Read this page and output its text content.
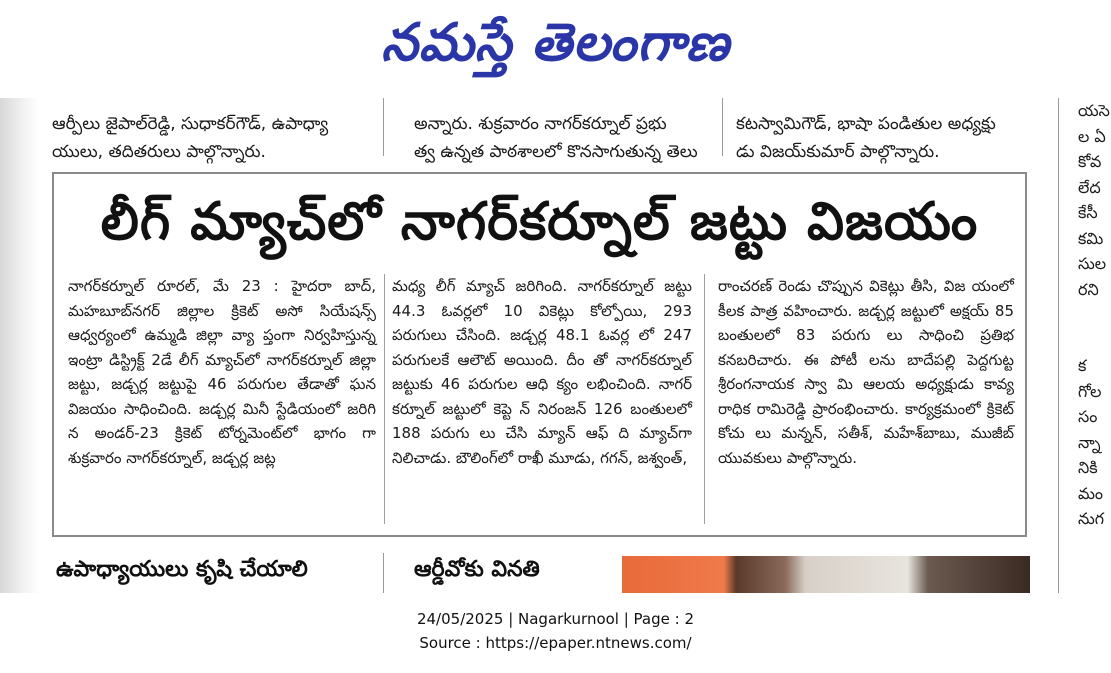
నమస్తే తెలంగాణ

ఆర్పీలు జైపాల్‌రెడ్డి, సుధాకర్‌గౌడ్, ఉపాధ్యా
యులు, తదితరులు పాల్గొన్నారు.

అన్నారు. శుక్రవారం నాగర్‌కర్నూల్ ప్రభు
త్వ ఉన్నత పాఠశాలలో కొనసాగుతున్న తెలు

కటస్వామిగౌడ్, భాషా పండితుల అధ్యక్షు
డు విజయ్‌కుమార్ పాల్గొన్నారు.
లీగ్ మ్యాచ్‌లో నాగర్‌కర్నూల్ జట్టు విజయం
నాగర్‌కర్నూల్ రూరల్, మే 23 : హైదరా బాద్, మహబూబ్‌నగర్ జిల్లాల క్రికెట్ అసో సియేషన్స్ ఆధ్వర్యంలో ఉమ్మడి జిల్లా వ్యా ప్తంగా నిర్వహిస్తున్న ఇంట్రా డిస్ట్రిక్ట్ 2డే లీగ్ మ్యాచ్‌లో నాగర్‌కర్నూల్ జిల్లా జట్టు, జడ్చర్ల జట్టుపై 46 పరుగుల తేడాతో ఘన విజయం సాధించింది. జడ్చర్ల మినీ స్టేడియంలో జరిగి న అండర్-23 క్రికెట్ టోర్నమెంట్‌లో భాగం గా శుక్రవారం నాగర్‌కర్నూల్, జడ్చర్ల జట్ల
మధ్య లీగ్ మ్యాచ్ జరిగింది. నాగర్‌కర్నూల్ జట్టు 44.3 ఓవర్లలో 10 వికెట్లు కోల్పోయి, 293 పరుగులు చేసింది. జడ్చర్ల 48.1 ఓవర్ల లో 247 పరుగులకే ఆలౌట్ అయింది. దీం తో నాగర్‌కర్నూల్ జట్టుకు 46 పరుగుల ఆధి క్యం లభించింది. నాగర్ కర్నూల్ జట్టులో కెప్టె న్ నిరంజన్ 126 బంతులలో 188 పరుగు లు చేసి మ్యాన్ ఆఫ్ ది మ్యాచ్‌గా నిలిచాడు. బౌలింగ్‌లో రాఖీ మూడు, గగన్, జశ్వంత్,
రాంచరణ్ రెండు చొప్పున వికెట్లు తీసి, విజ యంలో కీలక పాత్ర వహించారు. జడ్చర్ల జట్టులో అక్షయ్ 85 బంతులలో 83 పరుగు లు సాధించి ప్రతిభ కనబరిచారు. ఈ పోటీ లను బాదేపల్లి పెద్దగుట్ట శ్రీరంగనాయక స్వా మి ఆలయ అధ్యక్షుడు కావ్య రాధిక రామిరెడ్డి ప్రారంభించారు. కార్యక్రమంలో క్రికెట్ కోచు లు మన్నన్, సతీశ్, మహేశ్‌బాబు, ముజీబ్ యువకులు పాల్గొన్నారు.
ఉపాధ్యాయులు కృషి చేయాలి	ఆర్డీవోకు వినతి
యసె
ల ఏ
కోవ
లేద
కేసీ
కమి
సుల
రని

క
గోల
సం
న్నా
నికి
మం
నుగ
24/05/2025 | Nagarkurnool | Page : 2
Source : https://epaper.ntnews.com/
